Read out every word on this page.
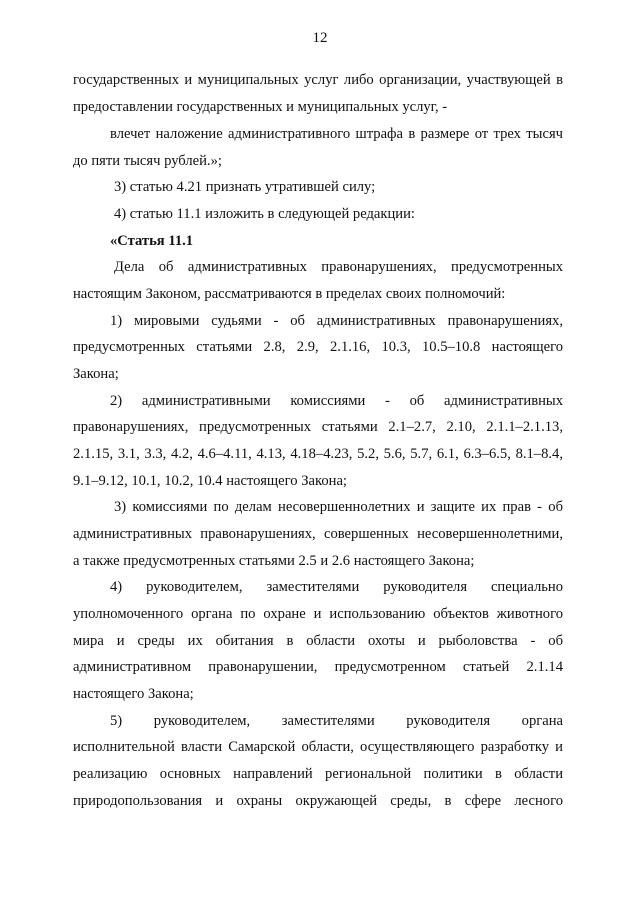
12
государственных и муниципальных услуг либо организации, участвующей в
предоставлении государственных и муниципальных услуг, -
влечет наложение административного штрафа в размере от трех тысяч
до пяти тысяч рублей.»;
3) статью 4.21 признать утратившей силу;
4) статью 11.1 изложить в следующей редакции:
«Статья 11.1
Дела об административных правонарушениях, предусмотренных
настоящим Законом, рассматриваются в пределах своих полномочий:
1) мировыми судьями - об административных правонарушениях,
предусмотренных статьями 2.8, 2.9, 2.1.16, 10.3, 10.5–10.8 настоящего
Закона;
2) административными комиссиями - об административных
правонарушениях, предусмотренных статьями 2.1–2.7, 2.10, 2.1.1–2.1.13,
2.1.15, 3.1, 3.3, 4.2, 4.6–4.11, 4.13, 4.18–4.23, 5.2, 5.6, 5.7, 6.1, 6.3–6.5, 8.1–8.4,
9.1–9.12, 10.1, 10.2, 10.4 настоящего Закона;
3) комиссиями по делам несовершеннолетних и защите их прав - об
административных правонарушениях, совершенных несовершеннолетними,
а также предусмотренных статьями 2.5 и 2.6 настоящего Закона;
4) руководителем, заместителями руководителя специально
уполномоченного органа по охране и использованию объектов животного
мира и среды их обитания в области охоты и рыболовства - об
административном правонарушении, предусмотренном статьей 2.1.14
настоящего Закона;
5) руководителем, заместителями руководителя органа
исполнительной власти Самарской области, осуществляющего разработку и
реализацию основных направлений региональной политики в области
природопользования и охраны окружающей среды, в сфере лесного
